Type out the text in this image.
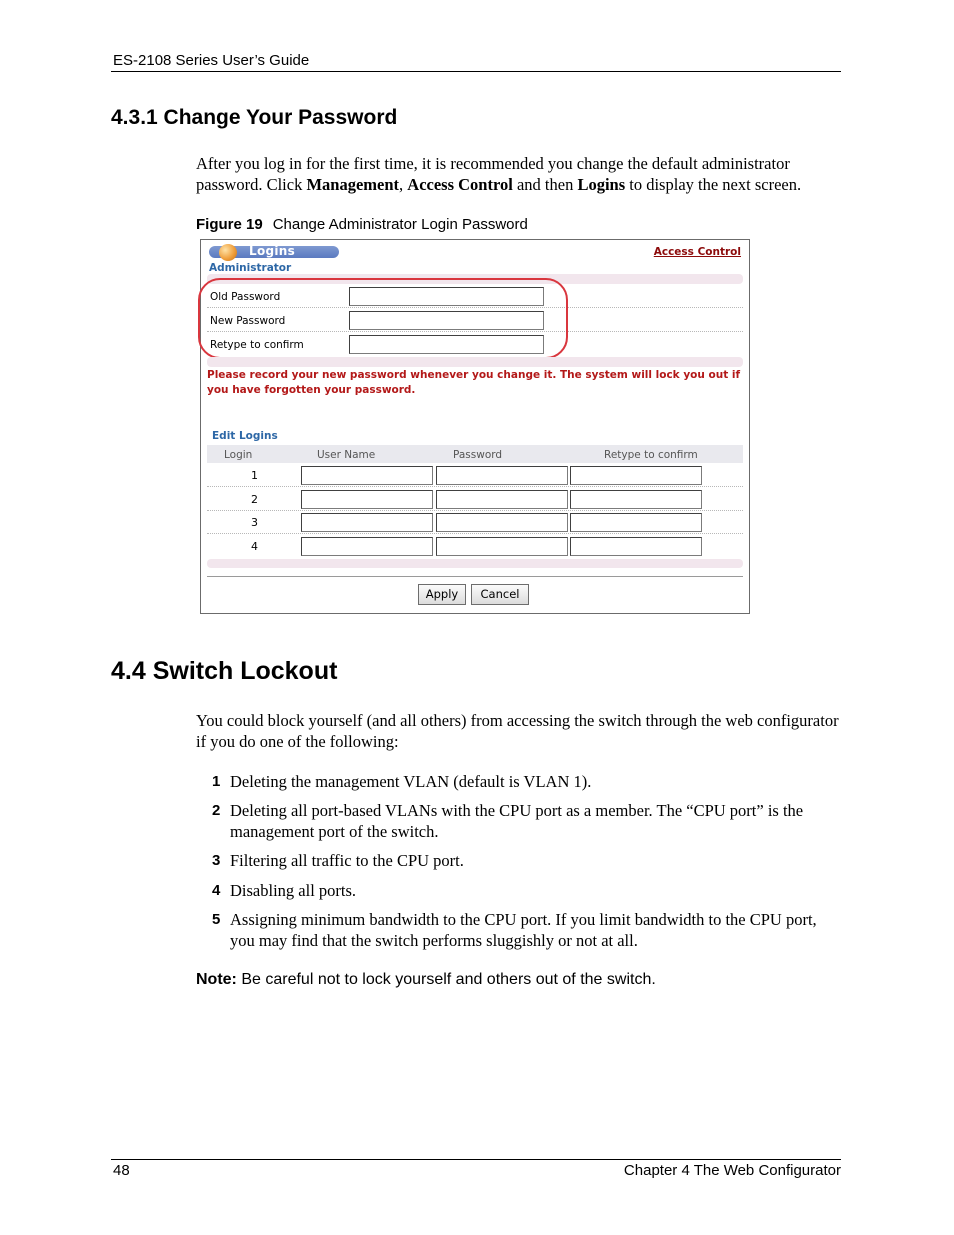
ES-2108 Series User’s Guide
4.3.1 Change Your Password

After you log in for the first time, it is recommended you change the default administrator password. Click Management, Access Control and then Logins to display the next screen.

Figure 19 Change Administrator Login Password
Logins	Access Control
Administrator
Old Password
New Password
Retype to confirm
Please record your new password whenever you change it. The system will lock you out if you have forgotten your password.
Edit Logins
Login	User Name	Password	Retype to confirm
1
2
3
4
Apply	Cancel
4.4 Switch Lockout

You could block yourself (and all others) from accessing the switch through the web configurator if you do one of the following:

1 Deleting the management VLAN (default is VLAN 1).
2 Deleting all port-based VLANs with the CPU port as a member. The “CPU port” is the management port of the switch.
3 Filtering all traffic to the CPU port.
4 Disabling all ports.
5 Assigning minimum bandwidth to the CPU port. If you limit bandwidth to the CPU port, you may find that the switch performs sluggishly or not at all.
Note: Be careful not to lock yourself and others out of the switch.
48	Chapter 4 The Web Configurator
